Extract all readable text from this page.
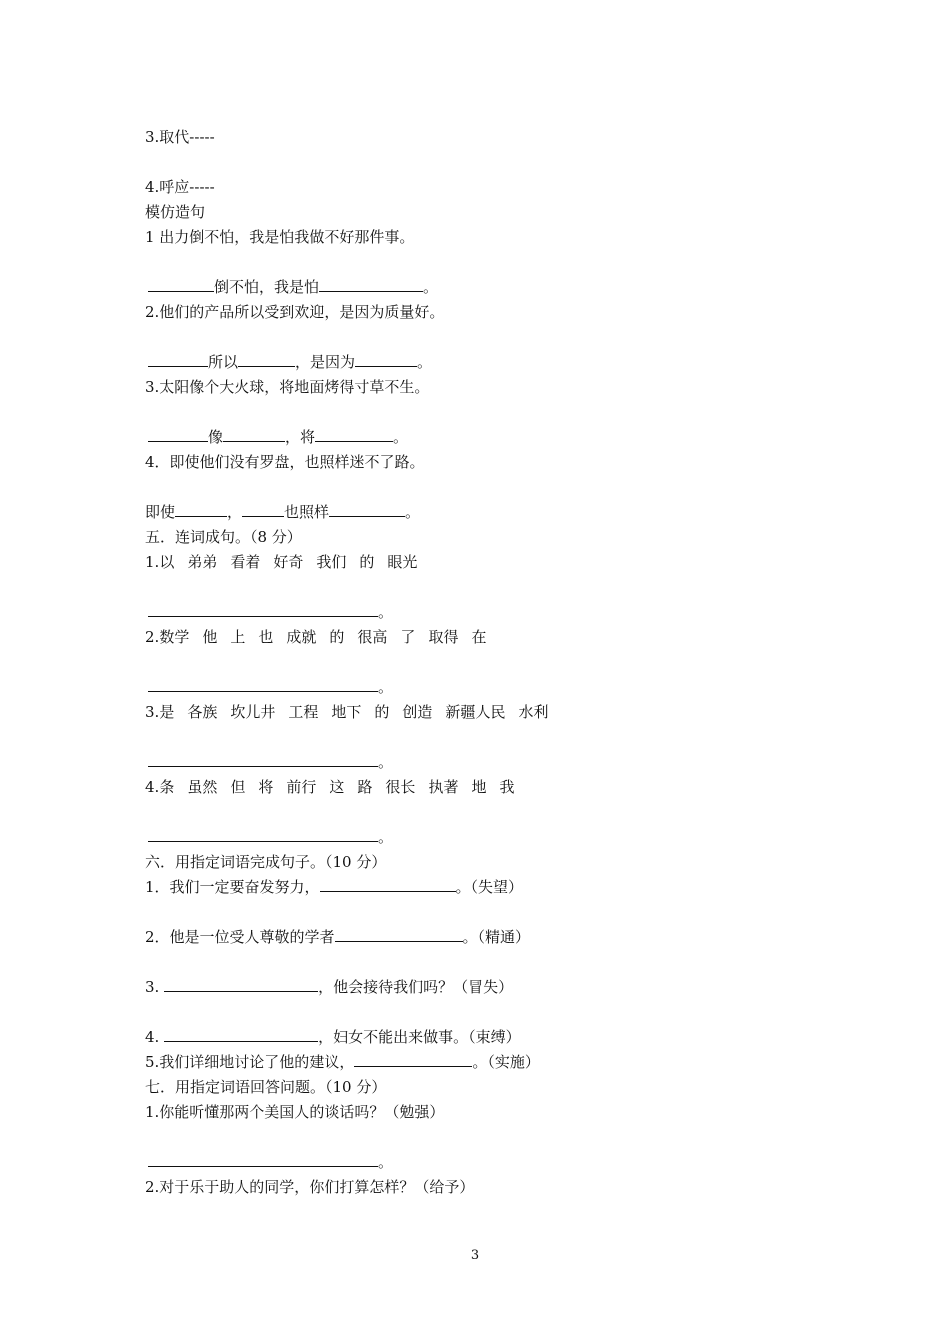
3.取代-----
4.呼应-----
模仿造句
1 出力倒不怕，我是怕我做不好那件事。
倒不怕，我是怕	。
2.他们的产品所以受到欢迎，是因为质量好。
所以	，是因为	。
3.太阳像个大火球，将地面烤得寸草不生。
像	，将	。
4．即使他们没有罗盘，也照样迷不了路。
即使	，	也照样	。
五．连词成句。（8 分）
1.以 弟弟 看着 好奇 我们 的 眼光
。
2.数学 他 上 也 成就 的 很高 了 取得 在
。
3.是 各族 坎儿井 工程 地下 的 创造 新疆人民 水利
。
4.条 虽然 但 将 前行 这 路 很长 执著 地 我
。
六．用指定词语完成句子。（10 分）
1．我们一定要奋发努力，	。（失望）
2．他是一位受人尊敬的学者	。（精通）
3.	，他会接待我们吗？（冒失）
4.	，妇女不能出来做事。（束缚）
5.我们详细地讨论了他的建议，	。（实施）
七．用指定词语回答问题。（10 分）
1.你能听懂那两个美国人的谈话吗？（勉强）
。
2.对于乐于助人的同学，你们打算怎样？（给予）
3
